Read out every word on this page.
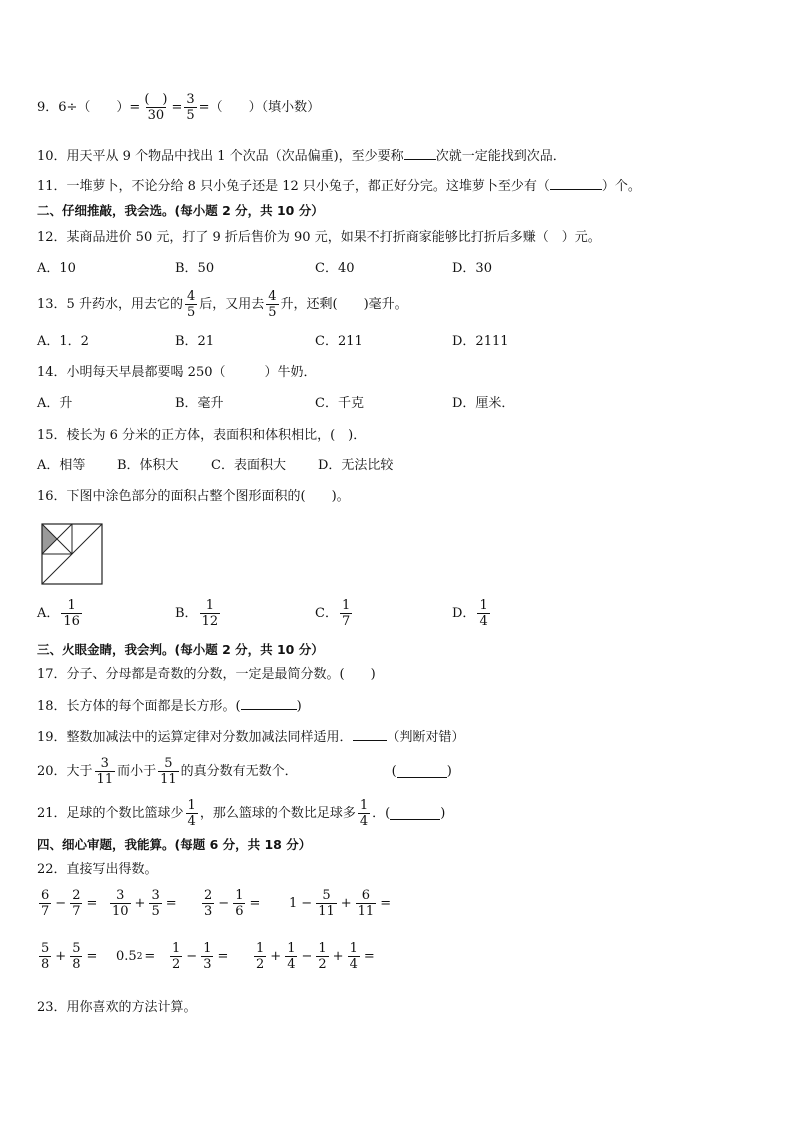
9．6÷（　　）= $\frac{( )}{30} = \frac{3}{5}$ =（　　）（填小数）
10．用天平从 9 个物品中找出 1 个次品（次品偏重)，至少要称 次就一定能找到次品．
11．一堆萝卜，不论分给 8 只小兔子还是 12 只小兔子，都正好分完。这堆萝卜至少有（	）个。
二、仔细推敲，我会选。(每小题 2 分，共 10 分）
12．某商品进价 50 元，打了 9 折后售价为 90 元，如果不打折商家能够比打折后多赚（　）元。
A．10	B．50	C．40	D．30
13．5 升药水，用去它的 $\frac{4}{5}$ 后，又用去 $\frac{4}{5}$ 升，还剩(　　)毫升。
A．1．2	B．21	C．211	D．2111
14．小明每天早晨都要喝 250（　　　）牛奶．
A．升	B．毫升	C．千克	D．厘米．
15．棱长为 6 分米的正方体，表面积和体积相比，(　)．
A．相等 B．体积大 C．表面积大 D．无法比较
16．下图中涂色部分的面积占整个图形面积的(　　)。
A． $\frac{1}{16}$	B． $\frac{1}{12}$	C． $\frac{1}{7}$	D． $\frac{1}{4}$
三、火眼金睛，我会判。(每小题 2 分，共 10 分）
17．分子、分母都是奇数的分数，一定是最简分数。(　　)
18．长方体的每个面都是长方形。(	)
19．整数加减法中的运算定律对分数加减法同样适用．	（判断对错）
20．大于 $\frac{3}{11}$ 而小于 $\frac{5}{11}$ 的真分数有无数个．	(	)
21．足球的个数比篮球少 $\frac{1}{4}$ ，那么篮球的个数比足球多 $\frac{1}{4}$ ．(	)
四、细心审题，我能算。(每题 6 分，共 18 分）
22．直接写出得数。
$\frac{6}{7} - \frac{2}{7} = \frac{3}{10} + \frac{3}{5} = \frac{2}{3} - \frac{1}{6} = 1 - \frac{5}{11} + \frac{6}{11}$ =
$\frac{5}{8} + \frac{5}{8} = 0.5$ $2 = \frac{1}{2} - \frac{1}{3} = \frac{1}{2} + \frac{1}{4} - \frac{1}{2} + \frac{1}{4}$ =
23．用你喜欢的方法计算。
